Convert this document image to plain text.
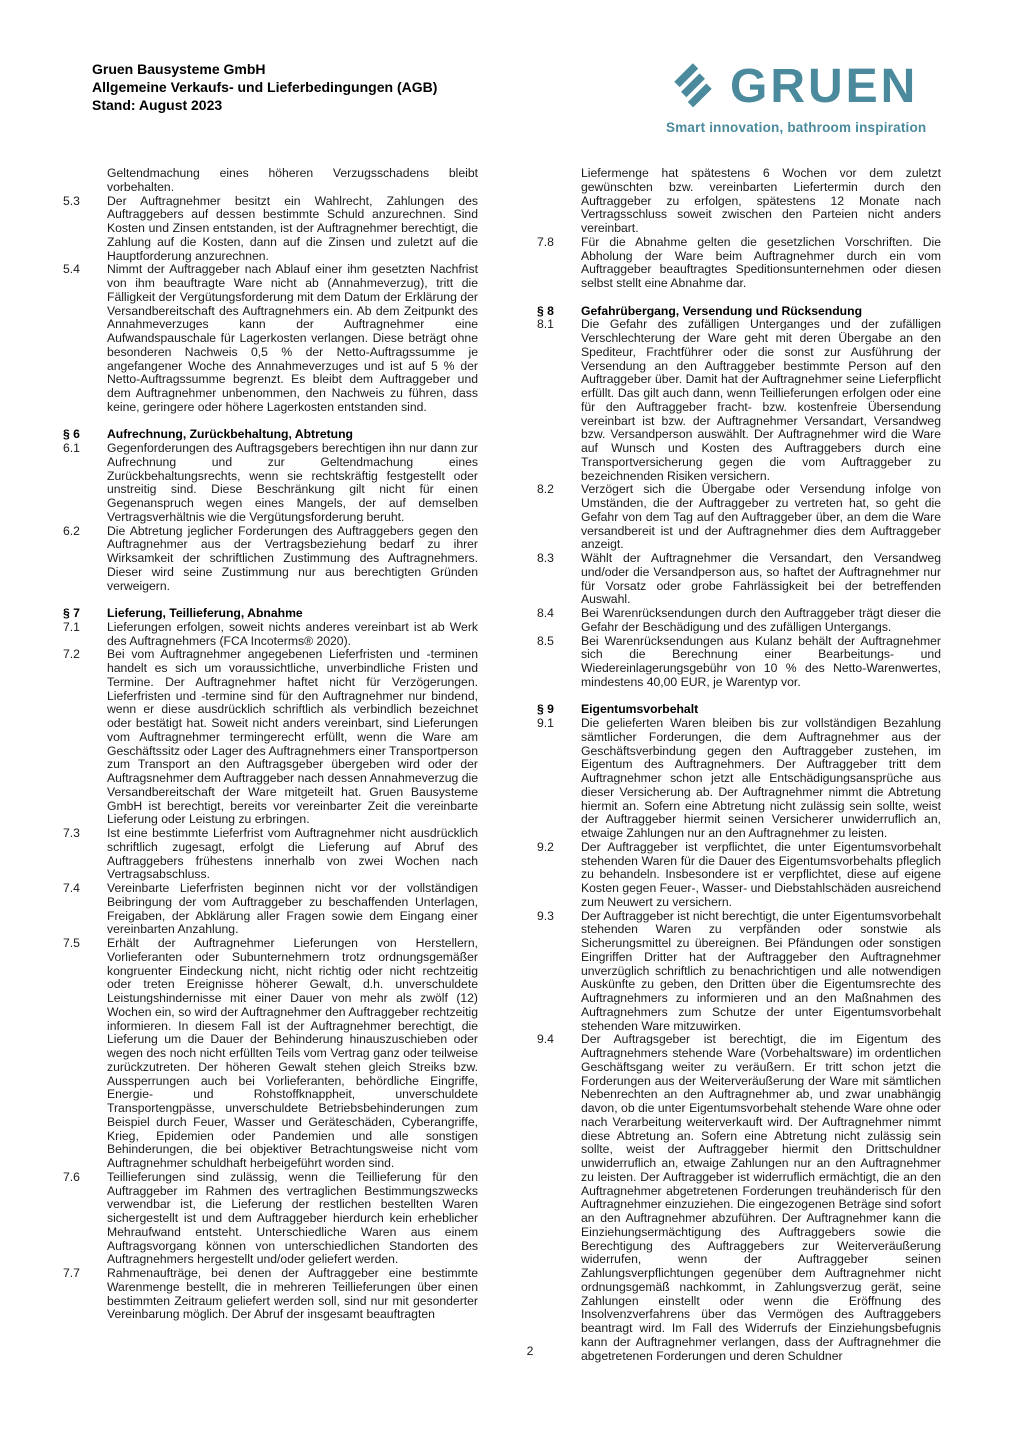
Gruen Bausysteme GmbH
Allgemeine Verkaufs- und Lieferbedingungen (AGB)
Stand: August 2023	GRUEN
Smart innovation, bathroom inspiration
Geltendmachung eines höheren Verzugsschadens bleibt vorbehalten.
5.3	Der Auftragnehmer besitzt ein Wahlrecht, Zahlungen des Auftraggebers auf dessen bestimmte Schuld anzurechnen. Sind Kosten und Zinsen entstanden, ist der Auftragnehmer berechtigt, die Zahlung auf die Kosten, dann auf die Zinsen und zuletzt auf die Hauptforderung anzurechnen.
5.4	Nimmt der Auftraggeber nach Ablauf einer ihm gesetzten Nachfrist von ihm beauftragte Ware nicht ab (Annahmeverzug), tritt die Fälligkeit der Vergütungsforderung mit dem Datum der Erklärung der Versandbereitschaft des Auftragnehmers ein. Ab dem Zeitpunkt des Annahmeverzuges kann der Auftragnehmer eine Aufwandspauschale für Lagerkosten verlangen. Diese beträgt ohne besonderen Nachweis 0,5 % der Netto-Auftragssumme je angefangener Woche des Annahmeverzuges und ist auf 5 % der Netto-Auftragssumme begrenzt. Es bleibt dem Auftraggeber und dem Auftragnehmer unbenommen, den Nachweis zu führen, dass keine, geringere oder höhere Lagerkosten entstanden sind.
§ 6	Aufrechnung, Zurückbehaltung, Abtretung
6.1	Gegenforderungen des Auftragsgebers berechtigen ihn nur dann zur Aufrechnung und zur Geltendmachung eines Zurückbehaltungsrechts, wenn sie rechtskräftig festgestellt oder unstreitig sind. Diese Beschränkung gilt nicht für einen Gegenanspruch wegen eines Mangels, der auf demselben Vertragsverhältnis wie die Vergütungsforderung beruht.
6.2	Die Abtretung jeglicher Forderungen des Auftraggebers gegen den Auftragnehmer aus der Vertragsbeziehung bedarf zu ihrer Wirksamkeit der schriftlichen Zustimmung des Auftragnehmers. Dieser wird seine Zustimmung nur aus berechtigten Gründen verweigern.
§ 7	Lieferung, Teillieferung, Abnahme
7.1	Lieferungen erfolgen, soweit nichts anderes vereinbart ist ab Werk des Auftragnehmers (FCA Incoterms® 2020).
7.2	Bei vom Auftragnehmer angegebenen Lieferfristen und -terminen handelt es sich um voraussichtliche, unverbindliche Fristen und Termine. Der Auftragnehmer haftet nicht für Verzögerungen. Lieferfristen und -termine sind für den Auftragnehmer nur bindend, wenn er diese ausdrücklich schriftlich als verbindlich bezeichnet oder bestätigt hat. Soweit nicht anders vereinbart, sind Lieferungen vom Auftragnehmer termingerecht erfüllt, wenn die Ware am Geschäftssitz oder Lager des Auftragnehmers einer Transportperson zum Transport an den Auftragsgeber übergeben wird oder der Auftragsnehmer dem Auftraggeber nach dessen Annahmeverzug die Versandbereitschaft der Ware mitgeteilt hat. Gruen Bausysteme GmbH ist berechtigt, bereits vor vereinbarter Zeit die vereinbarte Lieferung oder Leistung zu erbringen.
7.3	Ist eine bestimmte Lieferfrist vom Auftragnehmer nicht ausdrücklich schriftlich zugesagt, erfolgt die Lieferung auf Abruf des Auftraggebers frühestens innerhalb von zwei Wochen nach Vertragsabschluss.
7.4	Vereinbarte Lieferfristen beginnen nicht vor der vollständigen Beibringung der vom Auftraggeber zu beschaffenden Unterlagen, Freigaben, der Abklärung aller Fragen sowie dem Eingang einer vereinbarten Anzahlung.
7.5	Erhält der Auftragnehmer Lieferungen von Herstellern, Vorlieferanten oder Subunternehmern trotz ordnungsgemäßer kongruenter Eindeckung nicht, nicht richtig oder nicht rechtzeitig oder treten Ereignisse höherer Gewalt, d.h. unverschuldete Leistungshindernisse mit einer Dauer von mehr als zwölf (12) Wochen ein, so wird der Auftragnehmer den Auftraggeber rechtzeitig informieren. In diesem Fall ist der Auftragnehmer berechtigt, die Lieferung um die Dauer der Behinderung hinauszuschieben oder wegen des noch nicht erfüllten Teils vom Vertrag ganz oder teilweise zurückzutreten. Der höheren Gewalt stehen gleich Streiks bzw. Aussperrungen auch bei Vorlieferanten, behördliche Eingriffe, Energie- und Rohstoffknappheit, unverschuldete Transportengpässe, unverschuldete Betriebsbehinderungen zum Beispiel durch Feuer, Wasser und Geräteschäden, Cyberangriffe, Krieg, Epidemien oder Pandemien und alle sonstigen Behinderungen, die bei objektiver Betrachtungsweise nicht vom Auftragnehmer schuldhaft herbeigeführt worden sind.
7.6	Teillieferungen sind zulässig, wenn die Teillieferung für den Auftraggeber im Rahmen des vertraglichen Bestimmungszwecks verwendbar ist, die Lieferung der restlichen bestellten Waren sichergestellt ist und dem Auftraggeber hierdurch kein erheblicher Mehraufwand entsteht. Unterschiedliche Waren aus einem Auftragsvorgang können von unterschiedlichen Standorten des Auftragnehmers hergestellt und/oder geliefert werden.
7.7	Rahmenaufträge, bei denen der Auftraggeber eine bestimmte Warenmenge bestellt, die in mehreren Teillieferungen über einen bestimmten Zeitraum geliefert werden soll, sind nur mit gesonderter Vereinbarung möglich. Der Abruf der insgesamt beauftragten
Liefermenge hat spätestens 6 Wochen vor dem zuletzt gewünschten bzw. vereinbarten Liefertermin durch den Auftraggeber zu erfolgen, spätestens 12 Monate nach Vertragsschluss soweit zwischen den Parteien nicht anders vereinbart.
7.8	Für die Abnahme gelten die gesetzlichen Vorschriften. Die Abholung der Ware beim Auftragnehmer durch ein vom Auftraggeber beauftragtes Speditionsunternehmen oder diesen selbst stellt eine Abnahme dar.
§ 8	Gefahrübergang, Versendung und Rücksendung
8.1	Die Gefahr des zufälligen Unterganges und der zufälligen Verschlechterung der Ware geht mit deren Übergabe an den Spediteur, Frachtführer oder die sonst zur Ausführung der Versendung an den Auftraggeber bestimmte Person auf den Auftraggeber über. Damit hat der Auftragnehmer seine Lieferpflicht erfüllt. Das gilt auch dann, wenn Teillieferungen erfolgen oder eine für den Auftraggeber fracht- bzw. kostenfreie Übersendung vereinbart ist bzw. der Auftragnehmer Versandart, Versandweg bzw. Versandperson auswählt. Der Auftragnehmer wird die Ware auf Wunsch und Kosten des Auftraggebers durch eine Transportversicherung gegen die vom Auftraggeber zu bezeichnenden Risiken versichern.
8.2	Verzögert sich die Übergabe oder Versendung infolge von Umständen, die der Auftraggeber zu vertreten hat, so geht die Gefahr von dem Tag auf den Auftraggeber über, an dem die Ware versandbereit ist und der Auftragnehmer dies dem Auftraggeber anzeigt.
8.3	Wählt der Auftragnehmer die Versandart, den Versandweg und/oder die Versandperson aus, so haftet der Auftragnehmer nur für Vorsatz oder grobe Fahrlässigkeit bei der betreffenden Auswahl.
8.4	Bei Warenrücksendungen durch den Auftraggeber trägt dieser die Gefahr der Beschädigung und des zufälligen Untergangs.
8.5	Bei Warenrücksendungen aus Kulanz behält der Auftragnehmer sich die Berechnung einer Bearbeitungs- und Wiedereinlagerungsgebühr von 10 % des Netto-Warenwertes, mindestens 40,00 EUR, je Warentyp vor.
§ 9	Eigentumsvorbehalt
9.1	Die gelieferten Waren bleiben bis zur vollständigen Bezahlung sämtlicher Forderungen, die dem Auftragnehmer aus der Geschäftsverbindung gegen den Auftraggeber zustehen, im Eigentum des Auftragnehmers. Der Auftraggeber tritt dem Auftragnehmer schon jetzt alle Entschädigungsansprüche aus dieser Versicherung ab. Der Auftragnehmer nimmt die Abtretung hiermit an. Sofern eine Abtretung nicht zulässig sein sollte, weist der Auftraggeber hiermit seinen Versicherer unwiderruflich an, etwaige Zahlungen nur an den Auftragnehmer zu leisten.
9.2	Der Auftraggeber ist verpflichtet, die unter Eigentumsvorbehalt stehenden Waren für die Dauer des Eigentumsvorbehalts pfleglich zu behandeln. Insbesondere ist er verpflichtet, diese auf eigene Kosten gegen Feuer-, Wasser- und Diebstahlschäden ausreichend zum Neuwert zu versichern.
9.3	Der Auftraggeber ist nicht berechtigt, die unter Eigentumsvorbehalt stehenden Waren zu verpfänden oder sonstwie als Sicherungsmittel zu übereignen. Bei Pfändungen oder sonstigen Eingriffen Dritter hat der Auftraggeber den Auftragnehmer unverzüglich schriftlich zu benachrichtigen und alle notwendigen Auskünfte zu geben, den Dritten über die Eigentumsrechte des Auftragnehmers zu informieren und an den Maßnahmen des Auftragnehmers zum Schutze der unter Eigentumsvorbehalt stehenden Ware mitzuwirken.
9.4	Der Auftragsgeber ist berechtigt, die im Eigentum des Auftragnehmers stehende Ware (Vorbehaltsware) im ordentlichen Geschäftsgang weiter zu veräußern. Er tritt schon jetzt die Forderungen aus der Weiterveräußerung der Ware mit sämtlichen Nebenrechten an den Auftragnehmer ab, und zwar unabhängig davon, ob die unter Eigentumsvorbehalt stehende Ware ohne oder nach Verarbeitung weiterverkauft wird. Der Auftragnehmer nimmt diese Abtretung an. Sofern eine Abtretung nicht zulässig sein sollte, weist der Auftraggeber hiermit den Drittschuldner unwiderruflich an, etwaige Zahlungen nur an den Auftragnehmer zu leisten. Der Auftraggeber ist widerruflich ermächtigt, die an den Auftragnehmer abgetretenen Forderungen treuhänderisch für den Auftragnehmer einzuziehen. Die eingezogenen Beträge sind sofort an den Auftragnehmer abzuführen. Der Auftragnehmer kann die Einziehungsermächtigung des Auftraggebers sowie die Berechtigung des Auftraggebers zur Weiterveräußerung widerrufen, wenn der Auftraggeber seinen Zahlungsverpflichtungen gegenüber dem Auftragnehmer nicht ordnungsgemäß nachkommt, in Zahlungsverzug gerät, seine Zahlungen einstellt oder wenn die Eröffnung des Insolvenzverfahrens über das Vermögen des Auftraggebers beantragt wird. Im Fall des Widerrufs der Einziehungsbefugnis kann der Auftragnehmer verlangen, dass der Auftragnehmer die abgetretenen Forderungen und deren Schuldner
2
